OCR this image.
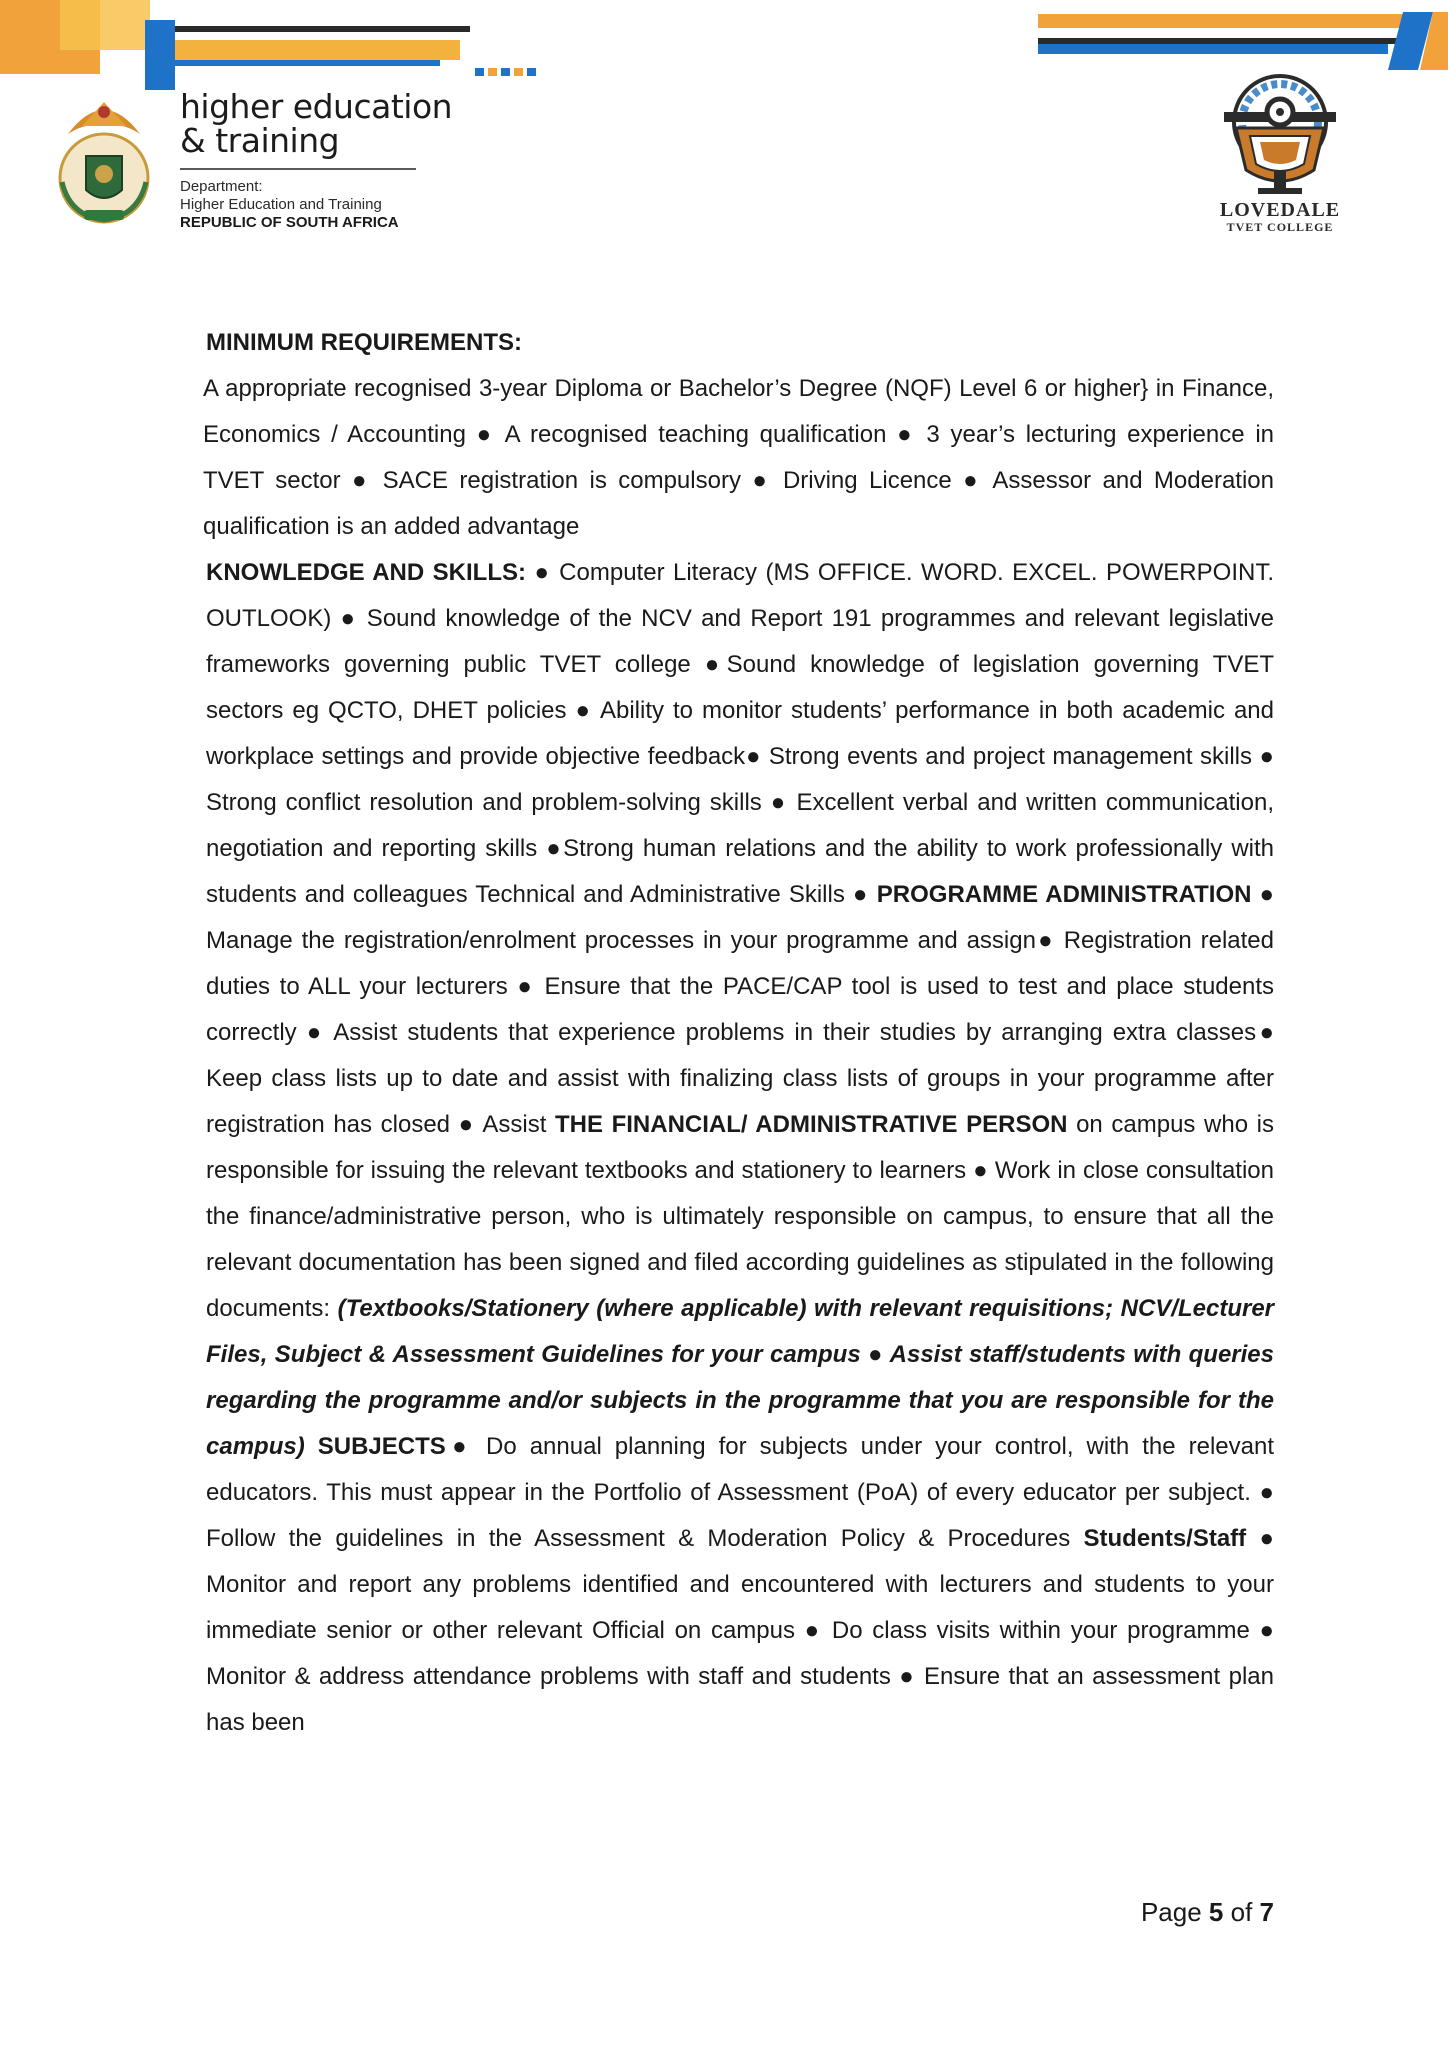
higher education
& training
Department:
Higher Education and Training
REPUBLIC OF SOUTH AFRICA
LOVEDALE
TVET COLLEGE

MINIMUM REQUIREMENTS:

A appropriate recognised 3-year Diploma or Bachelor’s Degree (NQF) Level 6 or higher} in Finance, Economics / Accounting ● A recognised teaching qualification ● 3 year’s lecturing experience in TVET sector ● SACE registration is compulsory ● Driving Licence ● Assessor and Moderation qualification is an added advantage

KNOWLEDGE AND SKILLS: ● Computer Literacy (MS OFFICE. WORD. EXCEL. POWERPOINT. OUTLOOK) ● Sound knowledge of the NCV and Report 191 programmes and relevant legislative frameworks governing public TVET college ●Sound knowledge of legislation governing TVET sectors eg QCTO, DHET policies ● Ability to monitor students’ performance in both academic and workplace settings and provide objective feedback● Strong events and project management skills ● Strong conflict resolution and problem-solving skills ● Excellent verbal and written communication, negotiation and reporting skills ●Strong human relations and the ability to work professionally with students and colleagues Technical and Administrative Skills ● PROGRAMME ADMINISTRATION ● Manage the registration/enrolment processes in your programme and assign● Registration related duties to ALL your lecturers ● Ensure that the PACE/CAP tool is used to test and place students correctly ● Assist students that experience problems in their studies by arranging extra classes● Keep class lists up to date and assist with finalizing class lists of groups in your programme after registration has closed ● Assist THE FINANCIAL/ ADMINISTRATIVE PERSON on campus who is responsible for issuing the relevant textbooks and stationery to learners ● Work in close consultation the finance/administrative person, who is ultimately responsible on campus, to ensure that all the relevant documentation has been signed and filed according guidelines as stipulated in the following documents: (Textbooks/Stationery (where applicable) with relevant requisitions; NCV/Lecturer Files, Subject & Assessment Guidelines for your campus ● Assist staff/students with queries regarding the programme and/or subjects in the programme that you are responsible for the campus) SUBJECTS● Do annual planning for subjects under your control, with the relevant educators. This must appear in the Portfolio of Assessment (PoA) of every educator per subject. ● Follow the guidelines in the Assessment & Moderation Policy & Procedures Students/Staff ● Monitor and report any problems identified and encountered with lecturers and students to your immediate senior or other relevant Official on campus ● Do class visits within your programme ● Monitor & address attendance problems with staff and students ● Ensure that an assessment plan has been

Page 5 of 7
